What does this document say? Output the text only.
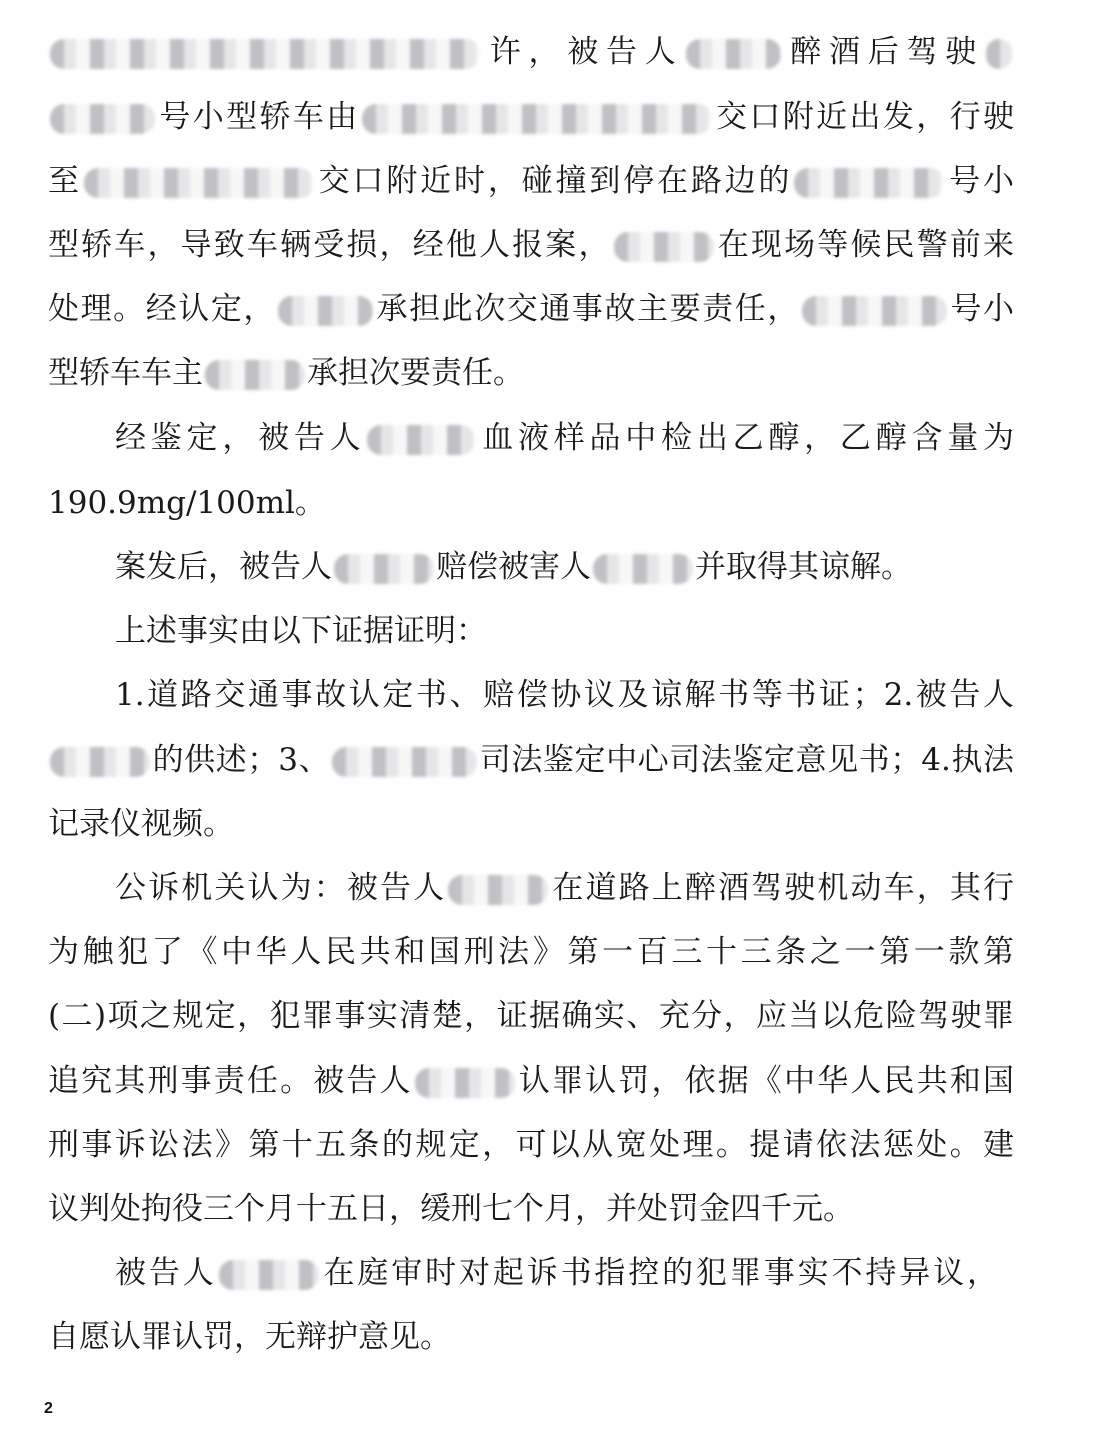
许，被告人	醉酒后驾驶
号小型轿车由	交口附近出发，行驶
至	交口附近时，碰撞到停在路边的	号小
型轿车，导致车辆受损，经他人报案，	在现场等候民警前来
处理。经认定，	承担此次交通事故主要责任，	号小
型轿车车主	承担次要责任。
经鉴定，被告人	血液样品中检出乙醇，乙醇含量为
190.9mg/100ml。
案发后，被告人	赔偿被害人	并取得其谅解。
上述事实由以下证据证明：
1.道路交通事故认定书、赔偿协议及谅解书等书证；2.被告人
的供述；3、	司法鉴定中心司法鉴定意见书；4.执法
记录仪视频。
公诉机关认为：被告人	在道路上醉酒驾驶机动车，其行
为触犯了《中华人民共和国刑法》第一百三十三条之一第一款第
(二)项之规定，犯罪事实清楚，证据确实、充分，应当以危险驾驶罪
追究其刑事责任。被告人	认罪认罚，依据《中华人民共和国
刑事诉讼法》第十五条的规定，可以从宽处理。提请依法惩处。建
议判处拘役三个月十五日，缓刑七个月，并处罚金四千元。
被告人	在庭审时对起诉书指控的犯罪事实不持异议，
自愿认罪认罚，无辩护意见。
2
